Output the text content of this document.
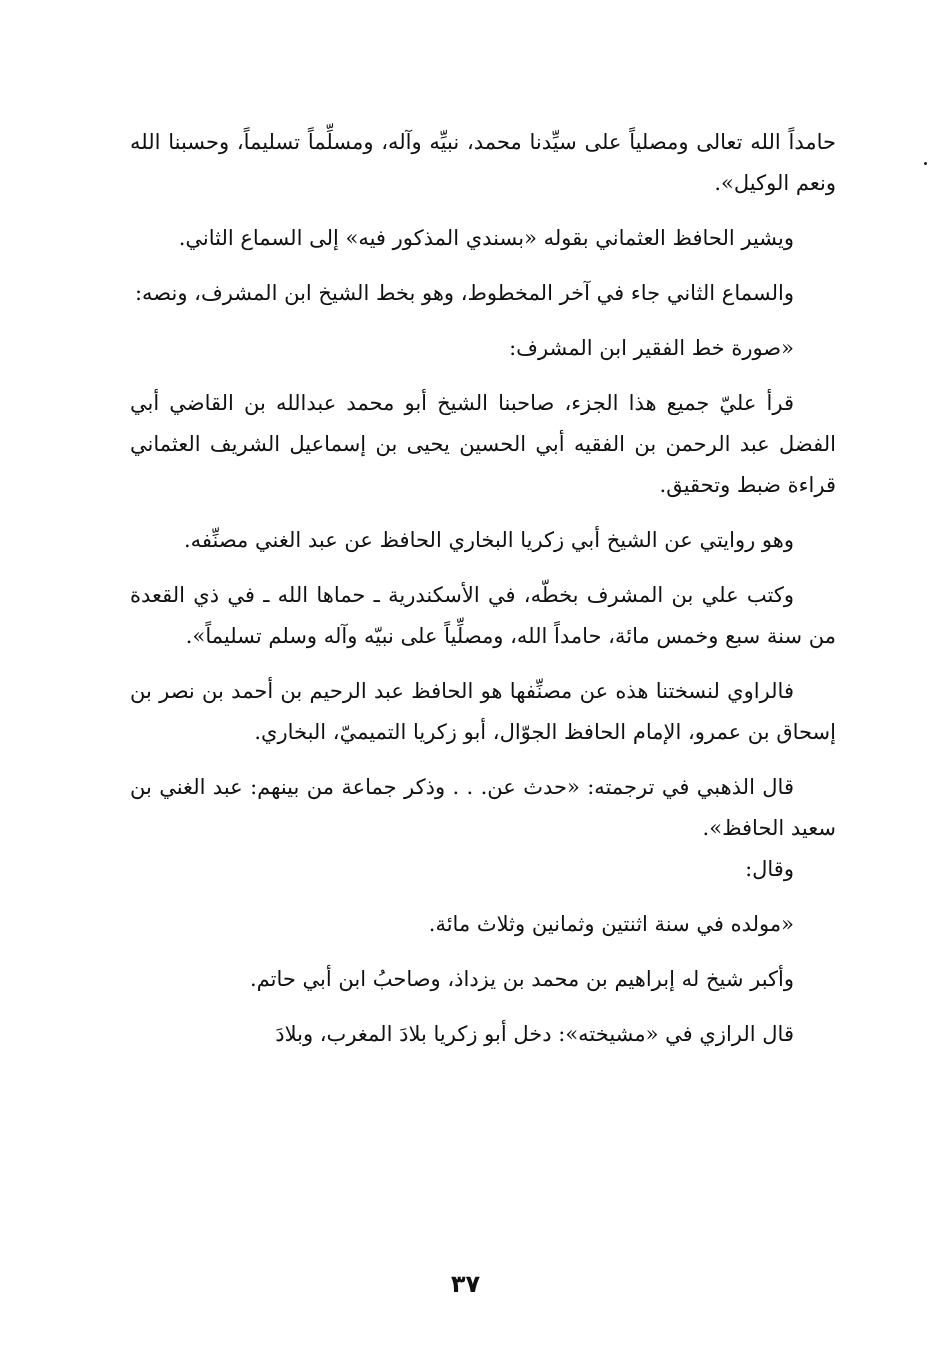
حامداً الله تعالى ومصلياً على سيِّدنا محمد، نبيِّه وآله، ومسلِّماً تسليماً، وحسبنا الله ونعم الوكيل».

ويشير الحافظ العثماني بقوله «بسندي المذكور فيه» إلى السماع الثاني.

والسماع الثاني جاء في آخر المخطوط، وهو بخط الشيخ ابن المشرف، ونصه:

«صورة خط الفقير ابن المشرف:

قرأ عليّ جميع هذا الجزء، صاحبنا الشيخ أبو محمد عبدالله بن القاضي أبي الفضل عبد الرحمن بن الفقيه أبي الحسين يحيى بن إسماعيل الشريف العثماني قراءة ضبط وتحقيق.

وهو روايتي عن الشيخ أبي زكريا البخاري الحافظ عن عبد الغني مصنِّفه.

وكتب علي بن المشرف بخطّه، في الأسكندرية ـ حماها الله ـ في ذي القعدة من سنة سبع وخمس مائة، حامداً الله، ومصلِّياً على نبيّه وآله وسلم تسليماً».

فالراوي لنسختنا هذه عن مصنِّفها هو الحافظ عبد الرحيم بن أحمد بن نصر بن إسحاق بن عمرو، الإمام الحافظ الجوّال، أبو زكريا التميميّ، البخاري.

قال الذهبي في ترجمته: «حدث عن. . . وذكر جماعة من بينهم: عبد الغني بن سعيد الحافظ».

وقال:

«مولده في سنة اثنتين وثمانين وثلاث مائة.

وأكبر شيخ له إبراهيم بن محمد بن يزداذ، وصاحبُ ابن أبي حاتم.

قال الرازي في «مشيخته»: دخل أبو زكريا بلادَ المغرب، وبلادَ

٣٧
